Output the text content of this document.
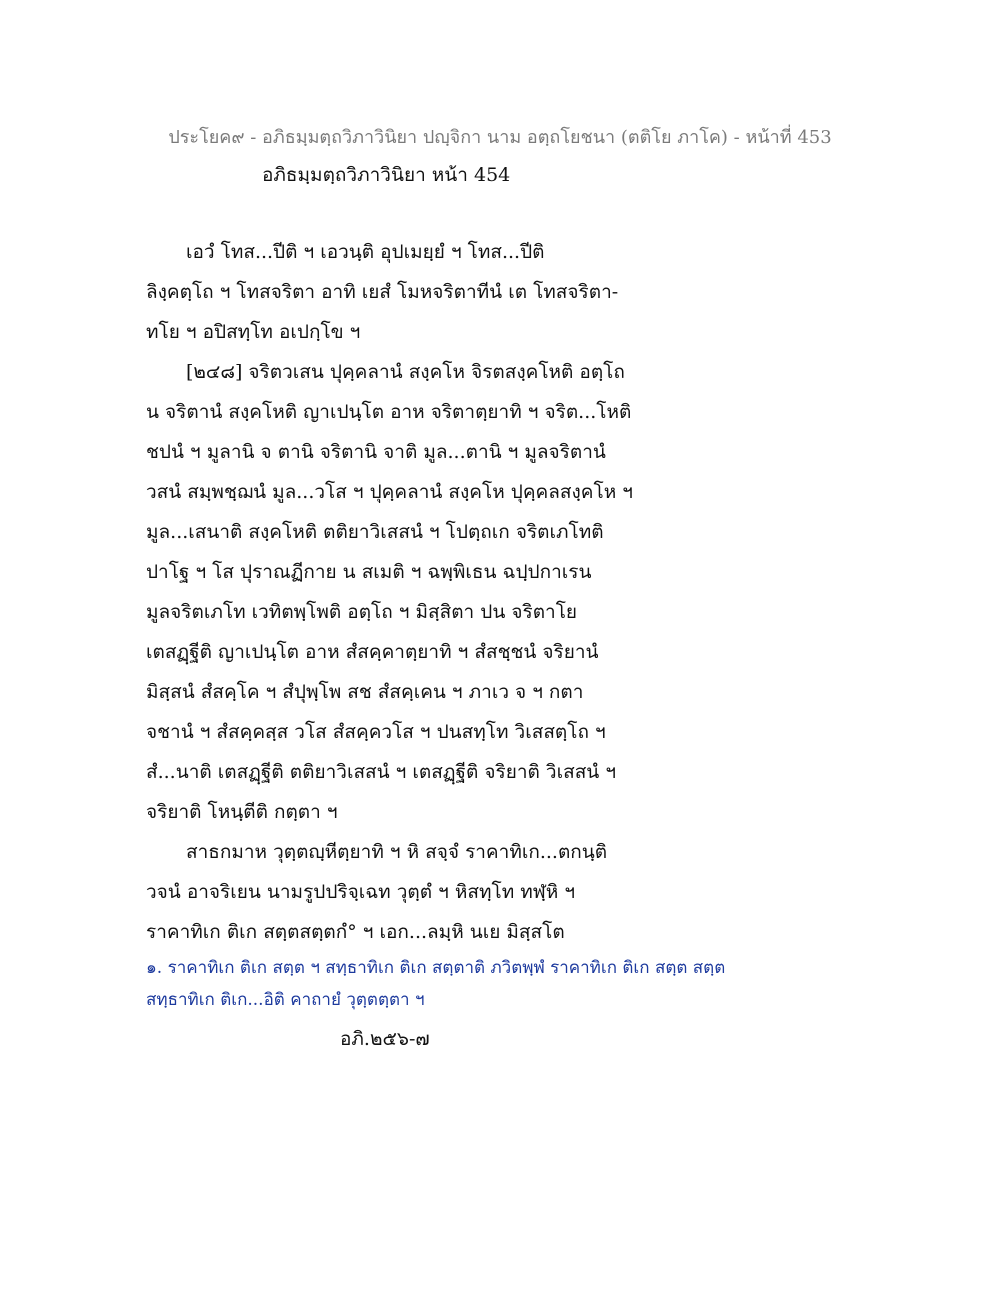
ประโยค๙ - อภิธมฺมตฺถวิภาวินิยา ปญฺจิกา นาม อตฺถโยชนา (ตติโย ภาโค) - หน้าที่ 453
อภิธมฺมตฺถวิภาวินิยา หน้า 454
เอวํ โทส...ปีติ ฯ เอวนฺติ อุปเมยฺยํ ฯ โทส...ปีติ
ลิงฺคตฺโถ ฯ โทสจริตา อาทิ เยสํ โมหจริตาทีนํ เต โทสจริตา-
ทโย ฯ อปิสทฺโท อเปกฺโข ฯ
[๒๔๘] จริตวเสน ปุคฺคลานํ สงฺคโห จิรตสงฺคโหติ อตฺโถ
น จริตานํ สงฺคโหติ ญาเปนฺโต อาห จริตาตฺยาทิ ฯ จริต...โหติ
ชปนํ ฯ มูลานิ จ ตานิ จริตานิ จาติ มูล...ตานิ ฯ มูลจริตานํ
วสนํ สมฺพชฺฌนํ มูล...วโส ฯ ปุคฺคลานํ สงฺคโห ปุคฺคลสงฺคโห ฯ
มูล...เสนาติ สงฺคโหติ ตติยาวิเสสนํ ฯ โปตฺถเก จริตเภโทติ
ปาโฐ ฯ โส ปุราณฏีกาย น สเมติ ฯ ฉพฺพิเธน ฉปฺปกาเรน
มูลจริตเภโท เวทิตพฺโพติ อตฺโถ ฯ มิสฺสิตา ปน จริตาโย
เตสฏฺฐีติ ญาเปนฺโต อาห สํสคฺคาตฺยาทิ ฯ สํสชฺชนํ จริยานํ
มิสฺสนํ สํสคฺโค ฯ สํปุพฺโพ สช สํสคฺเคน ฯ ภาเว จ ฯ กตา
จชานํ ฯ สํสคฺคสฺส วโส สํสคฺควโส ฯ ปนสทฺโท วิเสสตฺโถ ฯ
สํ...นาติ เตสฏฺฐีติ ตติยาวิเสสนํ ฯ เตสฏฺฐีติ จริยาติ วิเสสนํ ฯ
จริยาติ โหนฺตีติ กตฺตา ฯ
สาธกมาห วุตฺตญฺหีตฺยาทิ ฯ หิ สจฺจํ ราคาทิเก...ตกนฺติ
วจนํ อาจริเยน นามรูปปริจฺเฉท วุตฺตํ ฯ หิสทฺโท ทฬฺหิ ฯ
ราคาทิเก ติเก สตฺตสตฺตกํ° ฯ เอก...ลมฺหิ นเย มิสฺสโต
๑. ราคาทิเก ติเก สตฺต ฯ สทฺธาทิเก ติเก สตฺตาติ ภวิตพฺพํ ราคาทิเก ติเก สตฺต สตฺต
สทฺธาทิเก ติเก...อิติ คาถายํ วุตฺตตฺตา ฯ
อภิ.๒๕๖-๗
